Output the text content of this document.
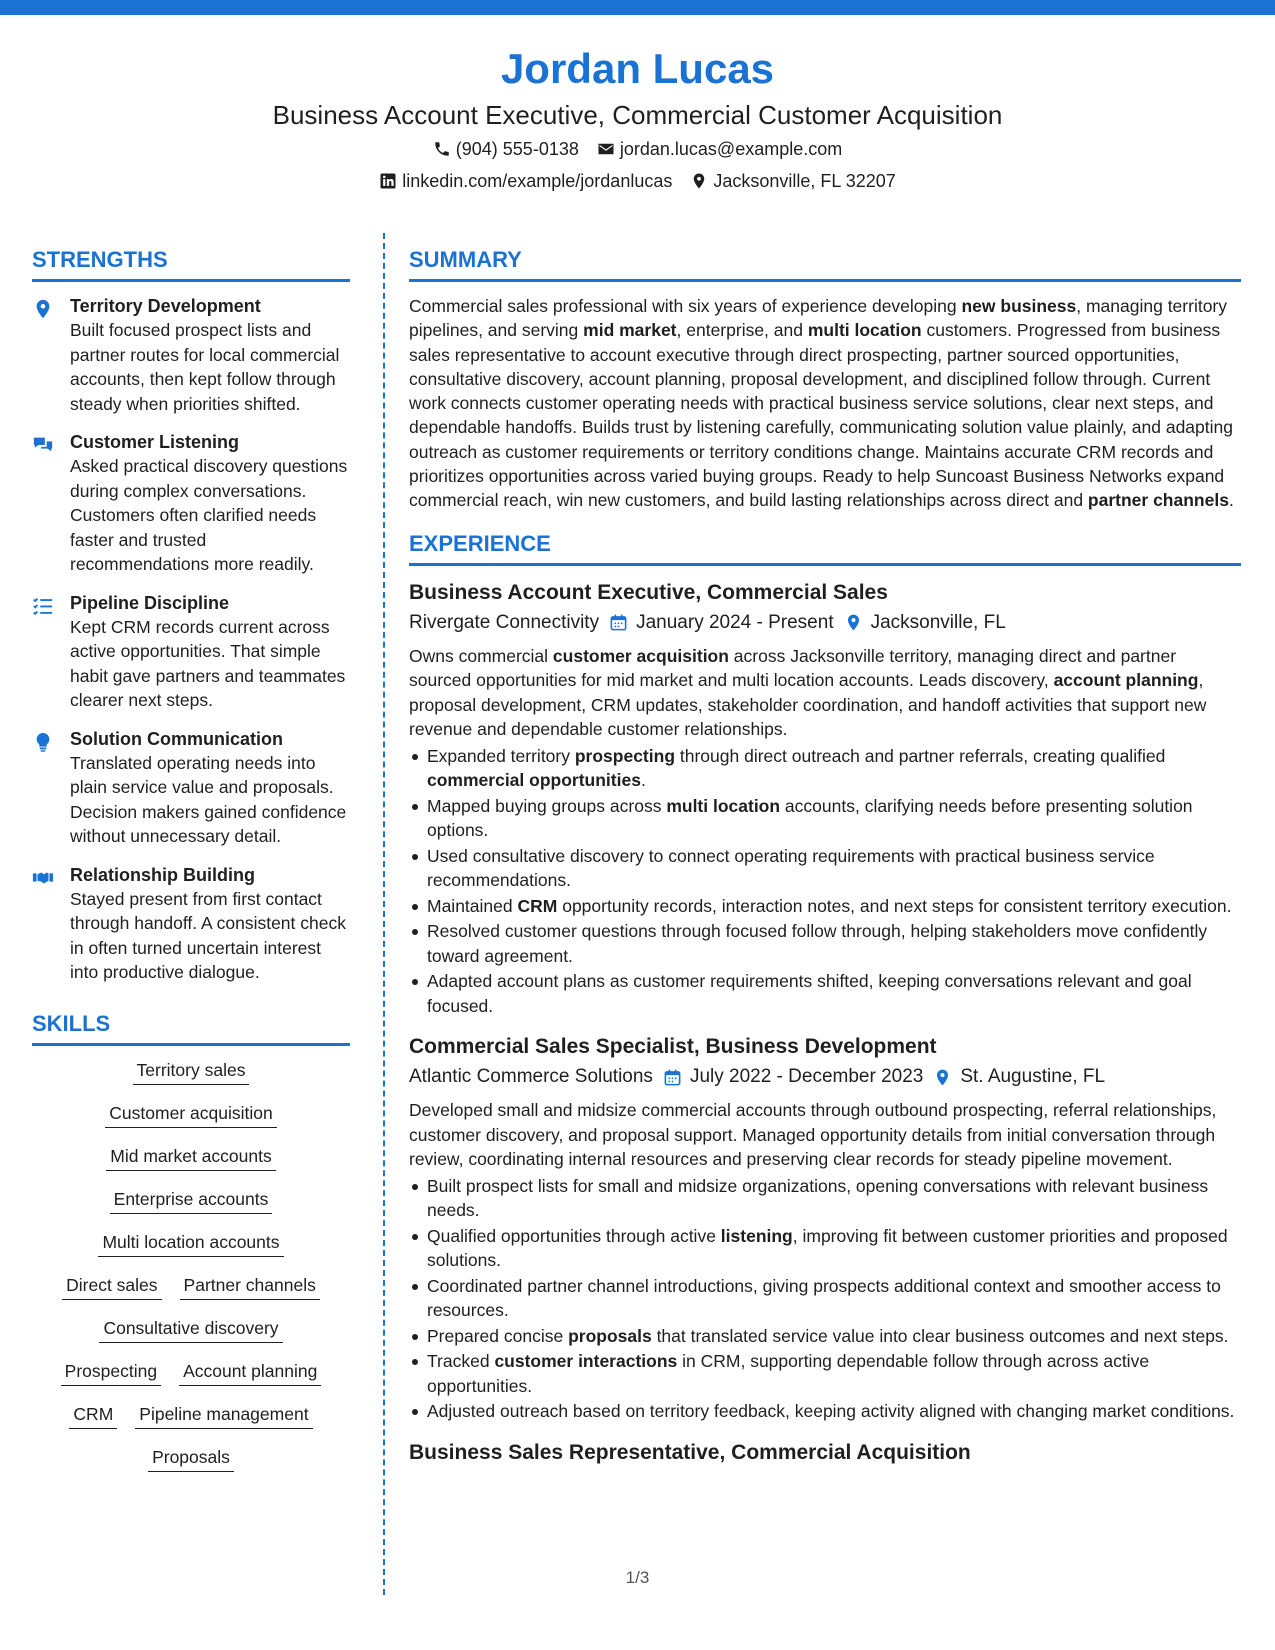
Jordan Lucas
Business Account Executive, Commercial Customer Acquisition
(904) 555-0138 jordan.lucas@example.com
linkedin.com/example/jordanlucas Jacksonville, FL 32207
STRENGTHS
Territory Development
Built focused prospect lists and partner routes for local commercial accounts, then kept follow through steady when priorities shifted.
Customer Listening
Asked practical discovery questions during complex conversations. Customers often clarified needs faster and trusted recommendations more readily.
Pipeline Discipline
Kept CRM records current across active opportunities. That simple habit gave partners and teammates clearer next steps.
Solution Communication
Translated operating needs into plain service value and proposals. Decision makers gained confidence without unnecessary detail.
Relationship Building
Stayed present from first contact through handoff. A consistent check in often turned uncertain interest into productive dialogue.
SKILLS
Territory sales
Customer acquisition
Mid market accounts
Enterprise accounts
Multi location accounts
Direct sales Partner channels
Consultative discovery
Prospecting Account planning
CRM Pipeline management
Proposals
SUMMARY
Commercial sales professional with six years of experience developing new business, managing territory pipelines, and serving mid market, enterprise, and multi location customers. Progressed from business sales representative to account executive through direct prospecting, partner sourced opportunities, consultative discovery, account planning, proposal development, and disciplined follow through. Current work connects customer operating needs with practical business service solutions, clear next steps, and dependable handoffs. Builds trust by listening carefully, communicating solution value plainly, and adapting outreach as customer requirements or territory conditions change. Maintains accurate CRM records and prioritizes opportunities across varied buying groups. Ready to help Suncoast Business Networks expand commercial reach, win new customers, and build lasting relationships across direct and partner channels.
EXPERIENCE
Business Account Executive, Commercial Sales
Rivergate Connectivity January 2024 - Present Jacksonville, FL
Owns commercial customer acquisition across Jacksonville territory, managing direct and partner sourced opportunities for mid market and multi location accounts. Leads discovery, account planning, proposal development, CRM updates, stakeholder coordination, and handoff activities that support new revenue and dependable customer relationships.
Expanded territory prospecting through direct outreach and partner referrals, creating qualified commercial opportunities.
Mapped buying groups across multi location accounts, clarifying needs before presenting solution options.
Used consultative discovery to connect operating requirements with practical business service recommendations.
Maintained CRM opportunity records, interaction notes, and next steps for consistent territory execution.
Resolved customer questions through focused follow through, helping stakeholders move confidently toward agreement.
Adapted account plans as customer requirements shifted, keeping conversations relevant and goal focused.
Commercial Sales Specialist, Business Development
Atlantic Commerce Solutions July 2022 - December 2023 St. Augustine, FL
Developed small and midsize commercial accounts through outbound prospecting, referral relationships, customer discovery, and proposal support. Managed opportunity details from initial conversation through review, coordinating internal resources and preserving clear records for steady pipeline movement.
Built prospect lists for small and midsize organizations, opening conversations with relevant business needs.
Qualified opportunities through active listening, improving fit between customer priorities and proposed solutions.
Coordinated partner channel introductions, giving prospects additional context and smoother access to resources.
Prepared concise proposals that translated service value into clear business outcomes and next steps.
Tracked customer interactions in CRM, supporting dependable follow through across active opportunities.
Adjusted outreach based on territory feedback, keeping activity aligned with changing market conditions.
Business Sales Representative, Commercial Acquisition
1/3
